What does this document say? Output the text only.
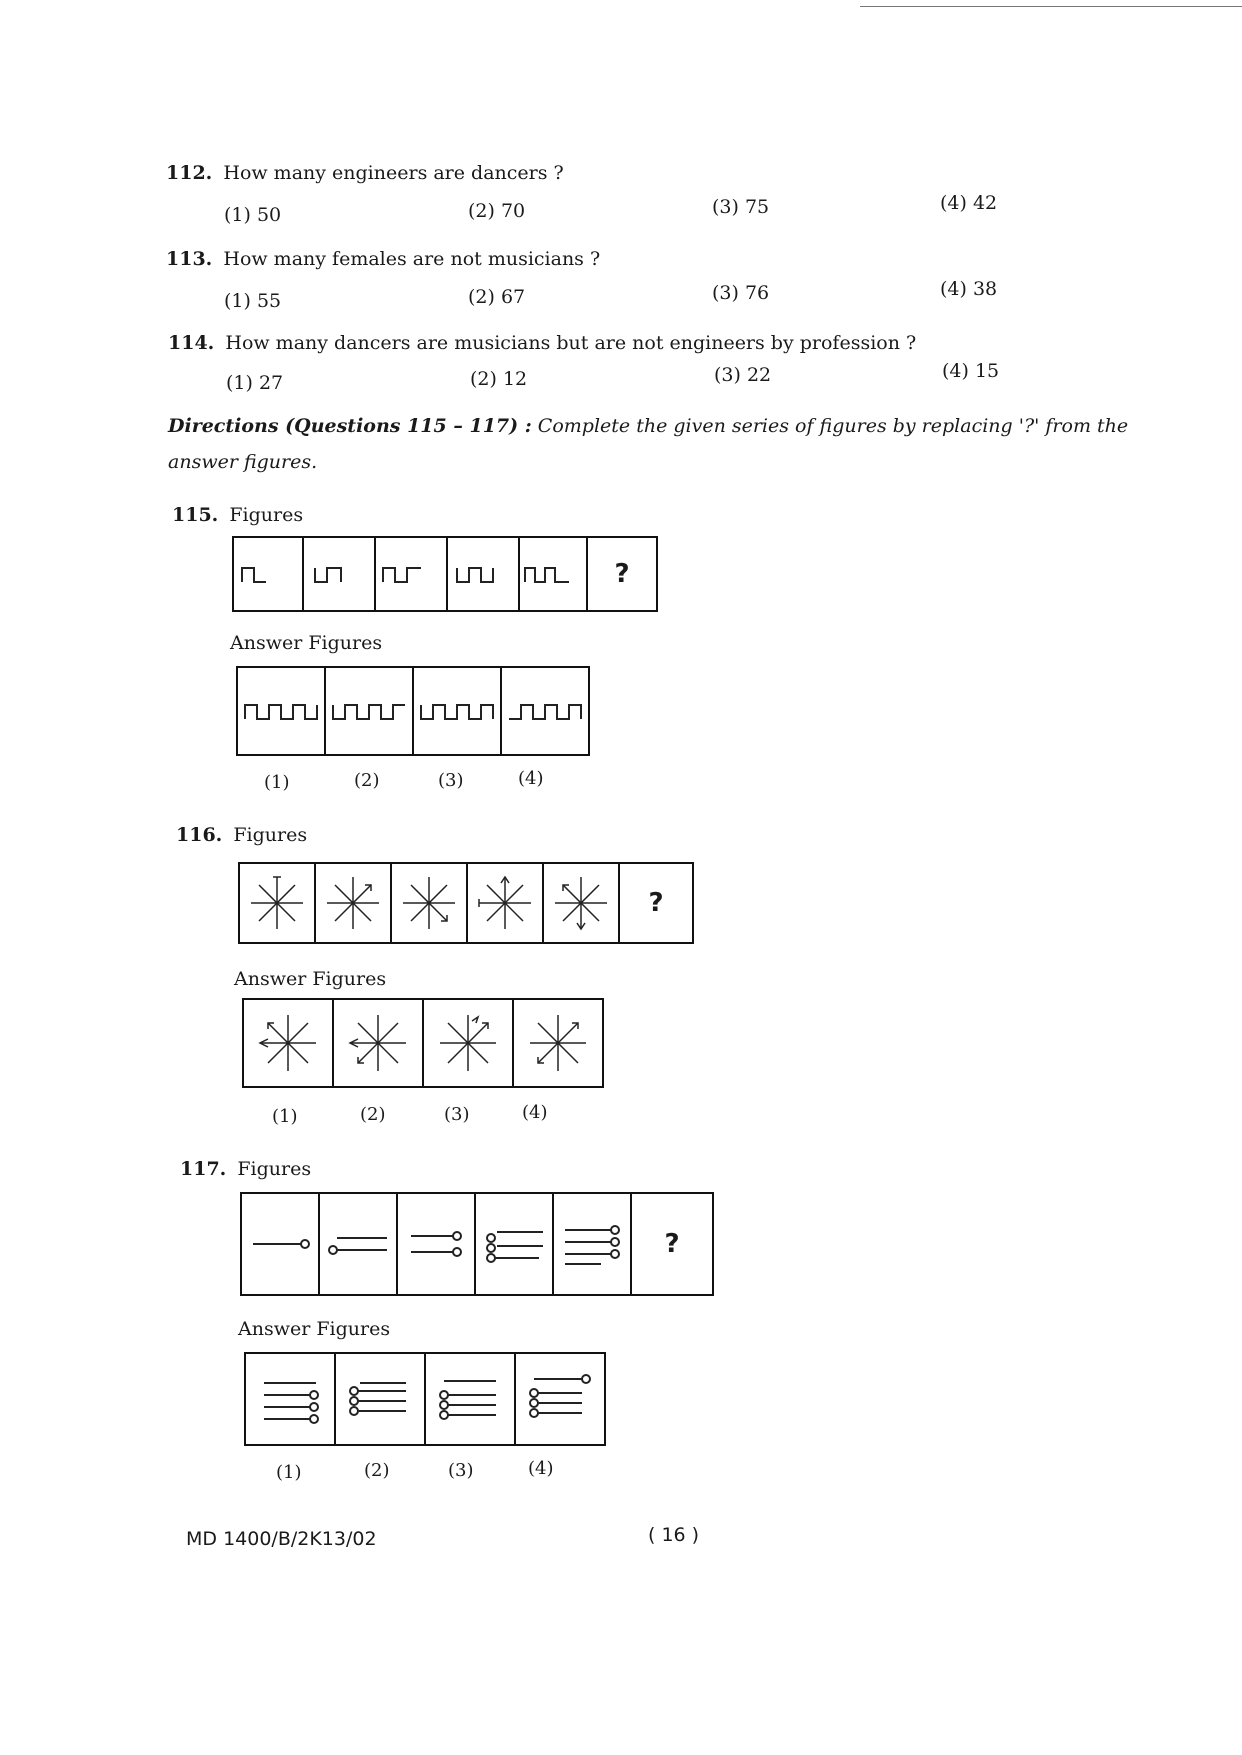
112. How many engineers are dancers ?
(1) 50	(2) 70	(3) 75	(4) 42
113. How many females are not musicians ?
(1) 55	(2) 67	(3) 76	(4) 38
114. How many dancers are musicians but are not engineers by profession ?
(1) 27	(2) 12	(3) 22	(4) 15
Directions (Questions 115 – 117) : Complete the given series of figures by replacing '?' from the answer figures.
115. Figures
?
Answer Figures
(1)	(2)	(3)	(4)
116. Figures
?
Answer Figures
(1)	(2)	(3)	(4)
117. Figures
?
Answer Figures
(1)	(2)	(3)	(4)
MD 1400/B/2K13/02	( 16 )
